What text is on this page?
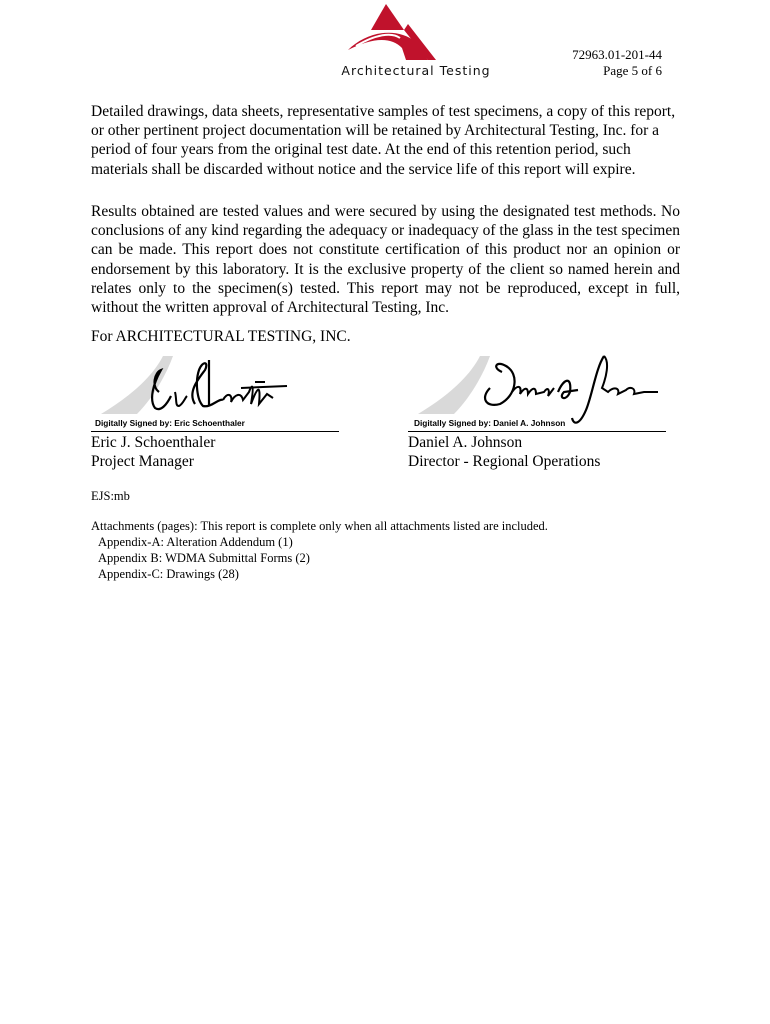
Architectural Testing
72963.01-201-44
Page 5 of 6
Detailed drawings, data sheets, representative samples of test specimens, a copy of this report, or other pertinent project documentation will be retained by Architectural Testing, Inc. for a period of four years from the original test date. At the end of this retention period, such materials shall be discarded without notice and the service life of this report will expire.
Results obtained are tested values and were secured by using the designated test methods. No conclusions of any kind regarding the adequacy or inadequacy of the glass in the test specimen can be made. This report does not constitute certification of this product nor an opinion or endorsement by this laboratory. It is the exclusive property of the client so named herein and relates only to the specimen(s) tested. This report may not be reproduced, except in full, without the written approval of Architectural Testing, Inc.
For ARCHITECTURAL TESTING, INC.
Digitally Signed by: Eric Schoenthaler	Digitally Signed by: Daniel A. Johnson
Eric J. Schoenthaler
Project Manager
Daniel A. Johnson
Director - Regional Operations
EJS:mb
Attachments (pages): This report is complete only when all attachments listed are included.
Appendix-A: Alteration Addendum (1)
Appendix B: WDMA Submittal Forms (2)
Appendix-C: Drawings (28)
